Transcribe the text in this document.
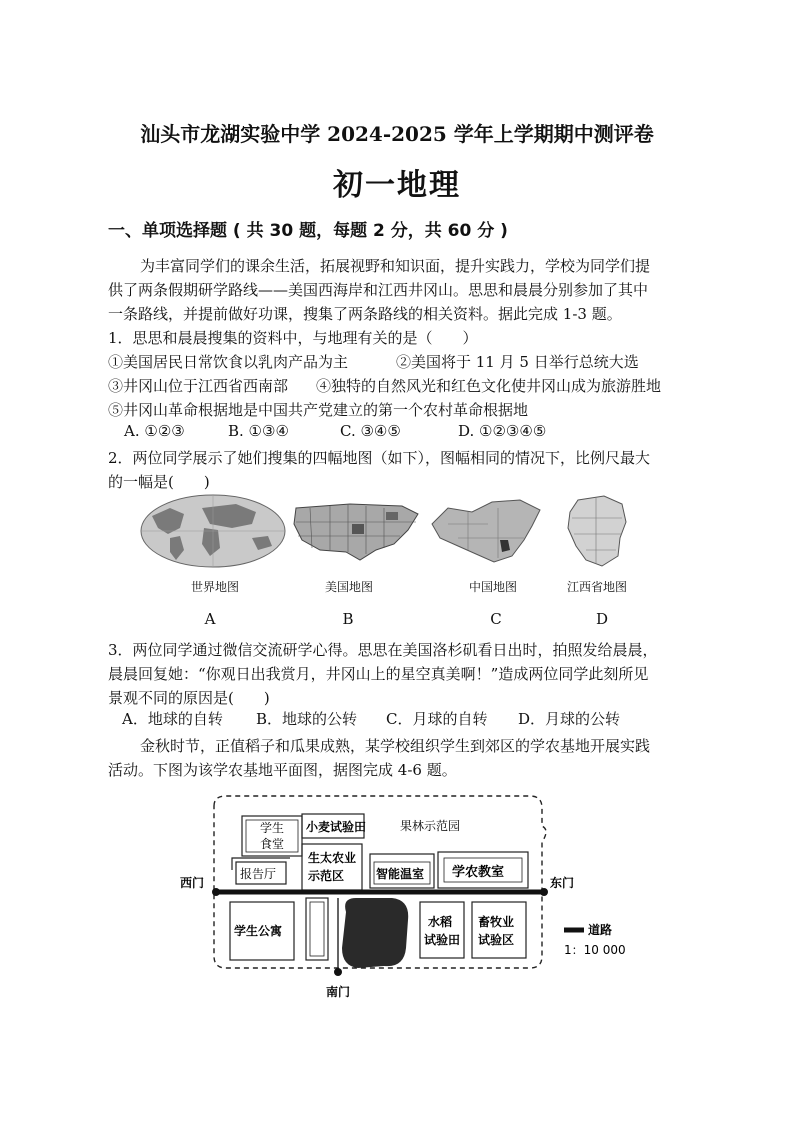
汕头市龙湖实验中学 2024-2025 学年上学期期中测评卷
初一地理
一、单项选择题 ( 共 30 题，每题 2 分，共 60 分 )
为丰富同学们的课余生活，拓展视野和知识面，提升实践力，学校为同学们提
供了两条假期研学路线——美国西海岸和江西井冈山。思思和晨晨分别参加了其中
一条路线，并提前做好功课，搜集了两条路线的相关资料。据此完成 1-3 题。
1．思思和晨晨搜集的资料中，与地理有关的是（　　）
①美国居民日常饮食以乳肉产品为主	②美国将于 11 月 5 日举行总统大选
③井冈山位于江西省西南部 ④独特的自然风光和红色文化使井冈山成为旅游胜地
⑤井冈山革命根据地是中国共产党建立的第一个农村革命根据地
A. ①②③	B. ①③④	C. ③④⑤	D. ①②③④⑤
2．两位同学展示了她们搜集的四幅地图（如下），图幅相同的情况下，比例尺最大
的一幅是(　　)
世界地图	美国地图	中国地图	江西省地图
A	B	C	D
3．两位同学通过微信交流研学心得。思思在美国洛杉矶看日出时，拍照发给晨晨，
晨晨回复她：“你观日出我赏月，井冈山上的星空真美啊！”造成两位同学此刻所见
景观不同的原因是(　　)
A．地球的自转 B．地球的公转 C．月球的自转 D．月球的公转
金秋时节，正值稻子和瓜果成熟，某学校组织学生到郊区的学农基地开展实践
活动。下图为该学农基地平面图，据图完成 4-6 题。
学生
食堂
小麦试验田	果林示范园
报告厅
生太农业
示范区	智能温室 学农教室
西门	东门
学生公寓
水稻
试验田
畜牧业
试验区
南门
道路
1：10 000
